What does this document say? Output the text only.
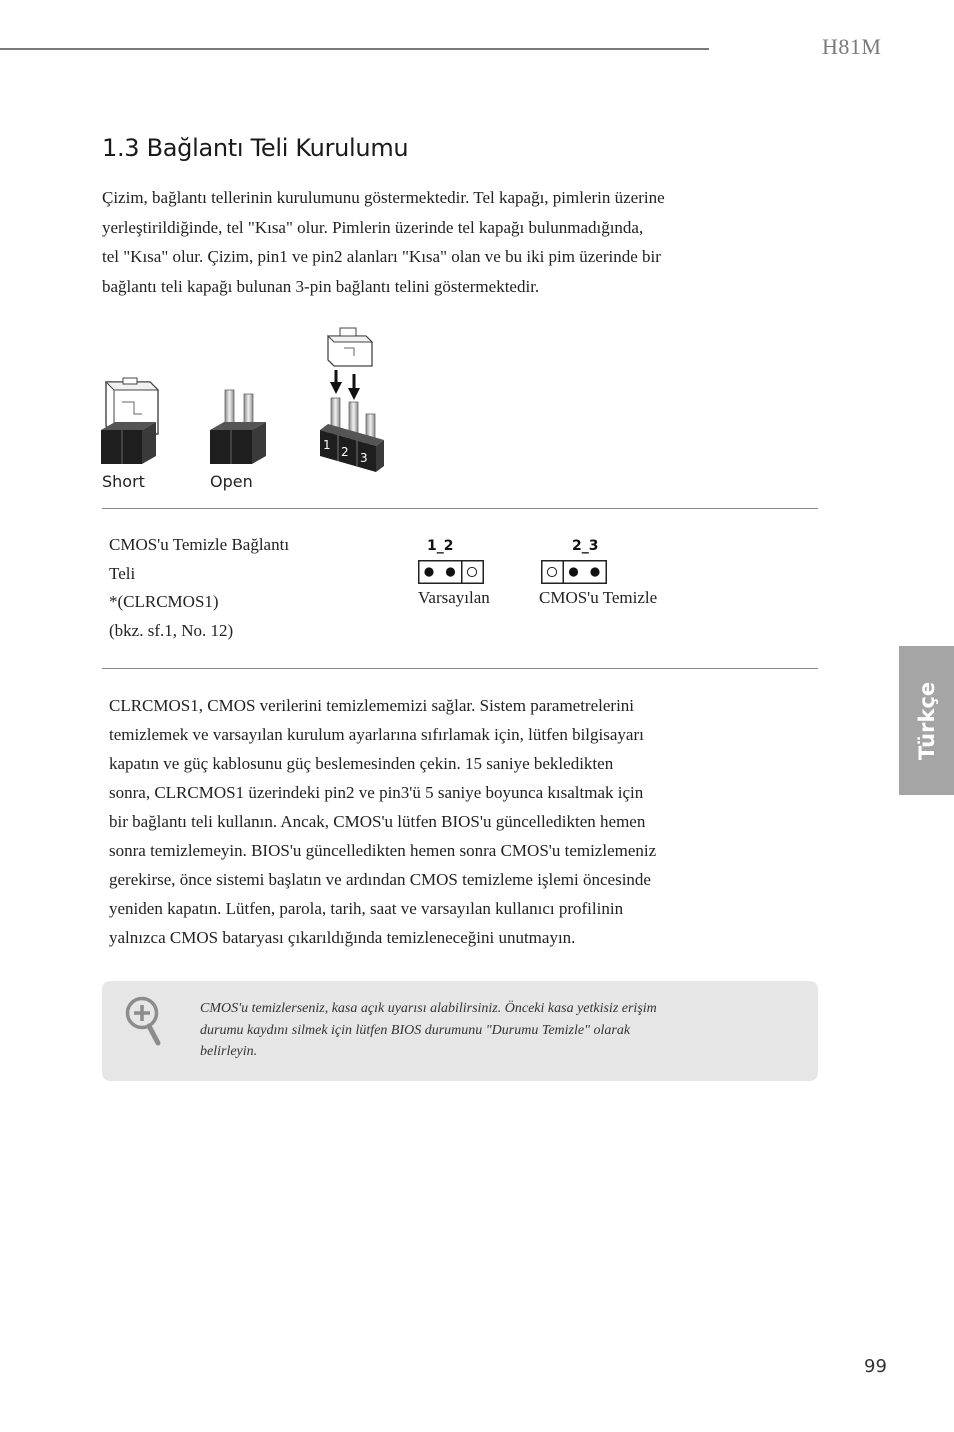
H81M
1.3 Bağlantı Teli Kurulumu
Çizim, bağlantı tellerinin kurulumunu göstermektedir. Tel kapağı, pimlerin üzerine
yerleştirildiğinde, tel "Kısa" olur. Pimlerin üzerinde tel kapağı bulunmadığında,
tel "Kısa" olur. Çizim, pin1 ve pin2 alanları "Kısa" olan ve bu iki pim üzerinde bir
bağlantı teli kapağı bulunan 3-pin bağlantı telini göstermektedir.
Short	Open
1 2 3
CMOS'u Temizle Bağlantı
Teli
*(CLRCMOS1)
(bkz. sf.1, No. 12)
1_2
Varsayılan
2_3
CMOS'u Temizle
CLRCMOS1, CMOS verilerini temizlememizi sağlar. Sistem parametrelerini
temizlemek ve varsayılan kurulum ayarlarına sıfırlamak için, lütfen bilgisayarı
kapatın ve güç kablosunu güç beslemesinden çekin. 15 saniye bekledikten
sonra, CLRCMOS1 üzerindeki pin2 ve pin3'ü 5 saniye boyunca kısaltmak için
bir bağlantı teli kullanın. Ancak, CMOS'u lütfen BIOS'u güncelledikten hemen
sonra temizlemeyin. BIOS'u güncelledikten hemen sonra CMOS'u temizlemeniz
gerekirse, önce sistemi başlatın ve ardından CMOS temizleme işlemi öncesinde
yeniden kapatın. Lütfen, parola, tarih, saat ve varsayılan kullanıcı profilinin
yalnızca CMOS bataryası çıkarıldığında temizleneceğini unutmayın.
CMOS'u temizlerseniz, kasa açık uyarısı alabilirsiniz. Önceki kasa yetkisiz erişim
durumu kaydını silmek için lütfen BIOS durumunu "Durumu Temizle" olarak
belirleyin.
Türkçe
99
